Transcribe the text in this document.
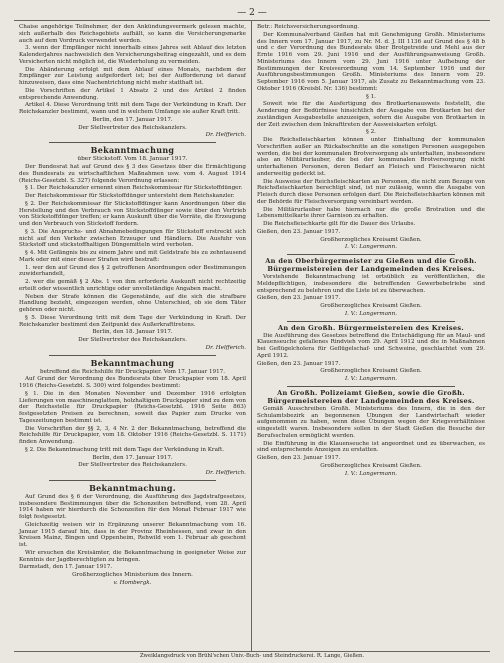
— 2 —

Chaise angehörige Teilnehmer, der den Ankündungsvermerk gelesen machte, sich außerhalb des Reichsgebiets aufhält, so kann die Versicherungsmarke auch auf dem Vordruck verwendet werden.

3. wenn der Empfänger nicht innerhalb eines Jahres seit Ablauf des letzten Kalenderjahres nachweislich den Versicherungsbeitrag eingezahlt, und es dem Versicherten nicht möglich ist, die Wiederholung zu vermeiden.

Die Abänderung erfolgt mit dem Ablauf eines Monats, nachdem der Empfänger zur Leistung aufgefordert ist; bei der Aufforderung ist darauf hinzuweisen, dass eine Nachentrichtung nicht mehr statthaft ist.

Die Vorschriften der Artikel 1 Absatz 2 und des Artikel 2 finden entsprechende Anwendung.

Artikel 4. Diese Verordnung tritt mit dem Tage der Verkündung in Kraft. Der Reichskanzler bestimmt, wann und in welchem Umfange sie außer Kraft tritt.

Berlin, den 17. Januar 1917.

Der Stellvertreter des Reichskanzlers.

Dr. Helfferich.

Bekanntmachung
über Stickstoff. Vom 18. Januar 1917.

Der Bundesrat hat auf Grund des § 3 des Gesetzes über die Ermächtigung des Bundesrats zu wirtschaftlichen Maßnahmen usw. vom 4. August 1914 (Reichs-Gesetzbl. S. 327) folgende Verordnung erlassen:

§ 1. Der Reichskanzler ernennt einen Reichskommissar für Stickstoffdünger.

Der Reichskommissar für Stickstoffdünger untersteht dem Reichskanzler.

§ 2. Der Reichskommissar für Stickstoffdünger kann Anordnungen über die Herstellung und den Verbrauch von Stickstoffdünger sowie über den Vertrieb von Stickstoffdünger treffen; er kann Auskunft über die Vorräte, die Erzeugung und den Verbrauch von Stickstoff fordern.

§ 3. Die Anspruchs- und Abnahmebedingungen für Stickstoff erstreckt sich nicht auf den Verkehr zwischen Erzeuger und Händlern. Die Ausfuhr von Stickstoff und stickstoffhaltigen Düngemitteln wird verboten.

§ 4. Mit Gefängnis bis zu einem Jahre und mit Geldstrafe bis zu zehntausend Mark oder mit einer dieser Strafen wird bestraft:

1. wer den auf Grund des § 2 getroffenen Anordnungen oder Bestimmungen zuwiderhandelt,

2. wer die gemäß § 2 Abs. 1 von ihm erforderte Auskunft nicht rechtzeitig erteilt oder wissentlich unrichtige oder unvollständige Angaben macht.

Neben der Strafe können die Gegenstände, auf die sich die strafbare Handlung bezieht, eingezogen werden, ohne Unterschied, ob sie dem Täter gehören oder nicht.

§ 5. Diese Verordnung tritt mit dem Tage der Verkündung in Kraft. Der Reichskanzler bestimmt den Zeitpunkt des Außerkrafttretens.

Berlin, den 18. Januar 1917.

Der Stellvertreter des Reichskanzlers.

Dr. Helfferich.

Bekanntmachung

betreffend die Reichshilfe für Druckpapier. Vom 17. Januar 1917.

Auf Grund der Verordnung des Bundesrats über Druckpapier vom 18. April 1916 (Reichs-Gesetzbl. S. 300) wird folgendes bestimmt:

§ 1. Die in den Monaten November und Dezember 1916 erfolgten Lieferungen von maschinenglattem, holzhaltigem Druckpapier sind zu dem von der Reichsstelle für Druckpapier (Reichs-Gesetzbl. 1916 Seite 863) festgesetzten Preisen zu berechnen, soweit das Papier zum Drucke von Tageszeitungen bestimmt ist.

Die Vorschriften der §§ 2, 3, 4 Nr. 2 der Bekanntmachung, betreffend die Reichshilfe für Druckpapier, vom 18. Oktober 1916 (Reichs-Gesetzbl. S. 1171) finden Anwendung.

§ 2. Die Bekanntmachung tritt mit dem Tage der Verkündung in Kraft.

Berlin, den 17. Januar 1917.

Der Stellvertreter des Reichskanzlers.

Dr. Helfferich.

Bekanntmachung.

Auf Grund des § 6 der Verordnung, die Ausführung des Jagdstrafgesetzes, insbesondere Bestimmungen über die Schonzeiten betreffend, vom 28. April 1914 haben wir hierdurch die Schonzeiten für den Monat Februar 1917 wie folgt festgesetzt.

Gleichzeitig weisen wir in Ergänzung unserer Bekanntmachung vom 16. Januar 1915 darauf hin, dass in der Provinz Rheinhessen, und zwar in den Kreisen Mainz, Bingen und Oppenheim, Rehwild vom 1. Februar ab geschont ist.

Wir ersuchen die Kreisämter, die Bekanntmachung in geeigneter Weise zur Kenntnis der Jagdberechtigten zu bringen.

Darmstadt, den 17. Januar 1917.

Großherzogliches Ministerium des Innern.

v. Hombergk.

Betr.: Reichsversicherungsordnung.

Der Kommunalverband Gießen hat mit Genehmigung Großh. Ministeriums des Innern vom 17. Januar 1917, zu Nr. M. d. J. III 1136 auf Grund des § 48 b und c der Verordnung des Bundesrats über Brotgetreide und Mehl aus der Ernte 1916 vom 29. Juni 1916 und der Ausführungsanweisung Großh. Ministeriums des Innern vom 29. Juni 1916 unter Aufhebung der Bestimmungen der Kreisverordnung vom 14. September 1916 und der Ausführungsbestimmungen Großh. Ministeriums des Innern vom 29. September 1916 vom 5. Januar 1917, als Zusatz zu Bekanntmachung vom 23. Oktober 1916 (Kreisbl. Nr. 136) bestimmt:

§ 1.

Soweit wie für die Ausfertigung des Brotkartenausweis feststellt, die Aenderung der Bedürfnisse hinsichtlich der Ausgabe von Brotkarten bei der zuständigen Ausgabestelle anzuzeigen, sofern die Ausgabe von Brotkarten in der Zeit zwischen dem Inkrafttreten der Ausweiskarten erfolgt.

§ 2.

Die Reichsfleischkarten können unter Einhaltung der kommunalen Vorschriften außer an Rückabschnitte an die sonstigen Personen ausgegeben werden, die bei der kommunalen Brotversorgung als unterhalten, insbesondere also an Militärurlauber, die bei der kommunalen Brotversorgung nicht unterhaltenen Personen, deren Bedarf an Fleisch und Fleischwaren nicht anderweitig gedeckt ist.

Die Ausweise der Reichsfleischkarten an Personen, die nicht zum Bezuge von Reichsfleischkarten berechtigt sind, ist nur zulässig, wenn die Ausgabe von Fleisch durch diese Personen erfolgen darf. Die Reichsfleischkarten können mit der Behörde für Fleischversorgung vereinbart werden.

Die Militärurlauber habe hiernach nur die große Brotration und die Lebensmittelkarte ihrer Garnison zu erhalten.

Die Reichsfleischkarte gilt für die Dauer des Urlaubs.

Gießen, den 23. Januar 1917.

Großherzogliches Kreisamt Gießen.

I. V.: Langermann.

An den Oberbürgermeister zu Gießen und die Großh. Bürgermeistereien der Landgemeinden des Kreises.

Vorstehende Bekanntmachung ist ortsüblich zu veröffentlichen, die Meldepflichtigen, insbesondere die betreffenden Gewerbebetriebe sind entsprechend zu belehren und die Liste ist zu überwachen.

Gießen, den 23. Januar 1917.

Großherzogliches Kreisamt Gießen.

I. V.: Langermann.

An den Großh. Bürgermeistereien des Kreises.

Die Ausführung des Gesetzes betreffend die Entschädigung für an Maul- und Klauenseuche gefallenes Rindvieh vom 29. April 1912 und die in Maßnahmen bei Geflügelcholera für Geflügelschaf- und Schweine, geschlachtet vom 29. April 1912.

Gießen, den 23. Januar 1917.

Großherzogliches Kreisamt Gießen.

I. V.: Langermann.

An Großh. Polizeiamt Gießen, sowie die Großh. Bürgermeistereien der Landgemeinden des Kreises.

Gemäß Ausschreiben Großh. Ministeriums des Innern, die in den der Schulamtsbezirk an begonnenen Ubungen der Landwirtschaft wieder aufgenommen zu haben, wenn diese Übungen wegen der Kriegsverhältnisse eingestellt waren. Insbesondere sollen in der Stadt Gießen die Besuche der Berufsschulen ermöglicht werden.

Die Einführung in die Klauenseuche ist angeordnet und zu überwachen, es sind entsprechende Anzeigen zu erstatten.

Gießen, den 23. Januar 1917.

Großherzogliches Kreisamt Gießen.

I. V.: Langermann.

Zweiklangsdruck von Brühl'schen Univ.-Buch- und Steindruckerei. R. Lange, Gießen.
